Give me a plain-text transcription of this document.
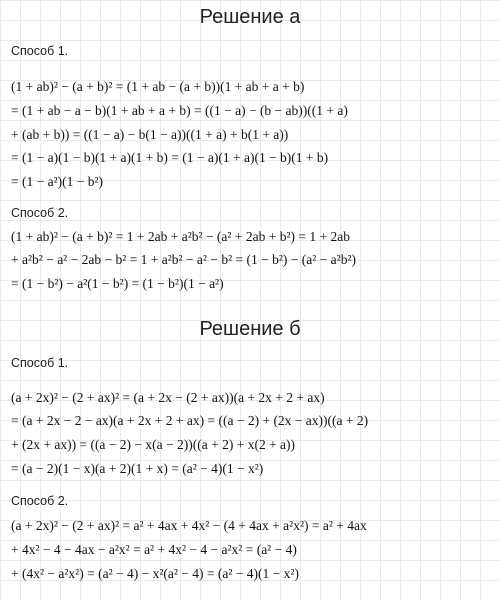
Решение а
Способ 1.
(1 + ab)² − (a + b)² = (1 + ab − (a + b))(1 + ab + a + b)
= (1 + ab − a − b)(1 + ab + a + b) = ((1 − a) − (b − ab))((1 + a)
+ (ab + b)) = ((1 − a) − b(1 − a))((1 + a) + b(1 + a))
= (1 − a)(1 − b)(1 + a)(1 + b) = (1 − a)(1 + a)(1 − b)(1 + b)
= (1 − a²)(1 − b²)
Способ 2.
(1 + ab)² − (a + b)² = 1 + 2ab + a²b² − (a² + 2ab + b²) = 1 + 2ab
+ a²b² − a² − 2ab − b² = 1 + a²b² − a² − b² = (1 − b²) − (a² − a²b²)
= (1 − b²) − a²(1 − b²) = (1 − b²)(1 − a²)
Решение б
Способ 1.
(a + 2x)² − (2 + ax)² = (a + 2x − (2 + ax))(a + 2x + 2 + ax)
= (a + 2x − 2 − ax)(a + 2x + 2 + ax) = ((a − 2) + (2x − ax))((a + 2)
+ (2x + ax)) = ((a − 2) − x(a − 2))((a + 2) + x(2 + a))
= (a − 2)(1 − x)(a + 2)(1 + x) = (a² − 4)(1 − x²)
Способ 2.
(a + 2x)² − (2 + ax)² = a² + 4ax + 4x² − (4 + 4ax + a²x²) = a² + 4ax
+ 4x² − 4 − 4ax − a²x² = a² + 4x² − 4 − a²x² = (a² − 4)
+ (4x² − a²x²) = (a² − 4) − x²(a² − 4) = (a² − 4)(1 − x²)
